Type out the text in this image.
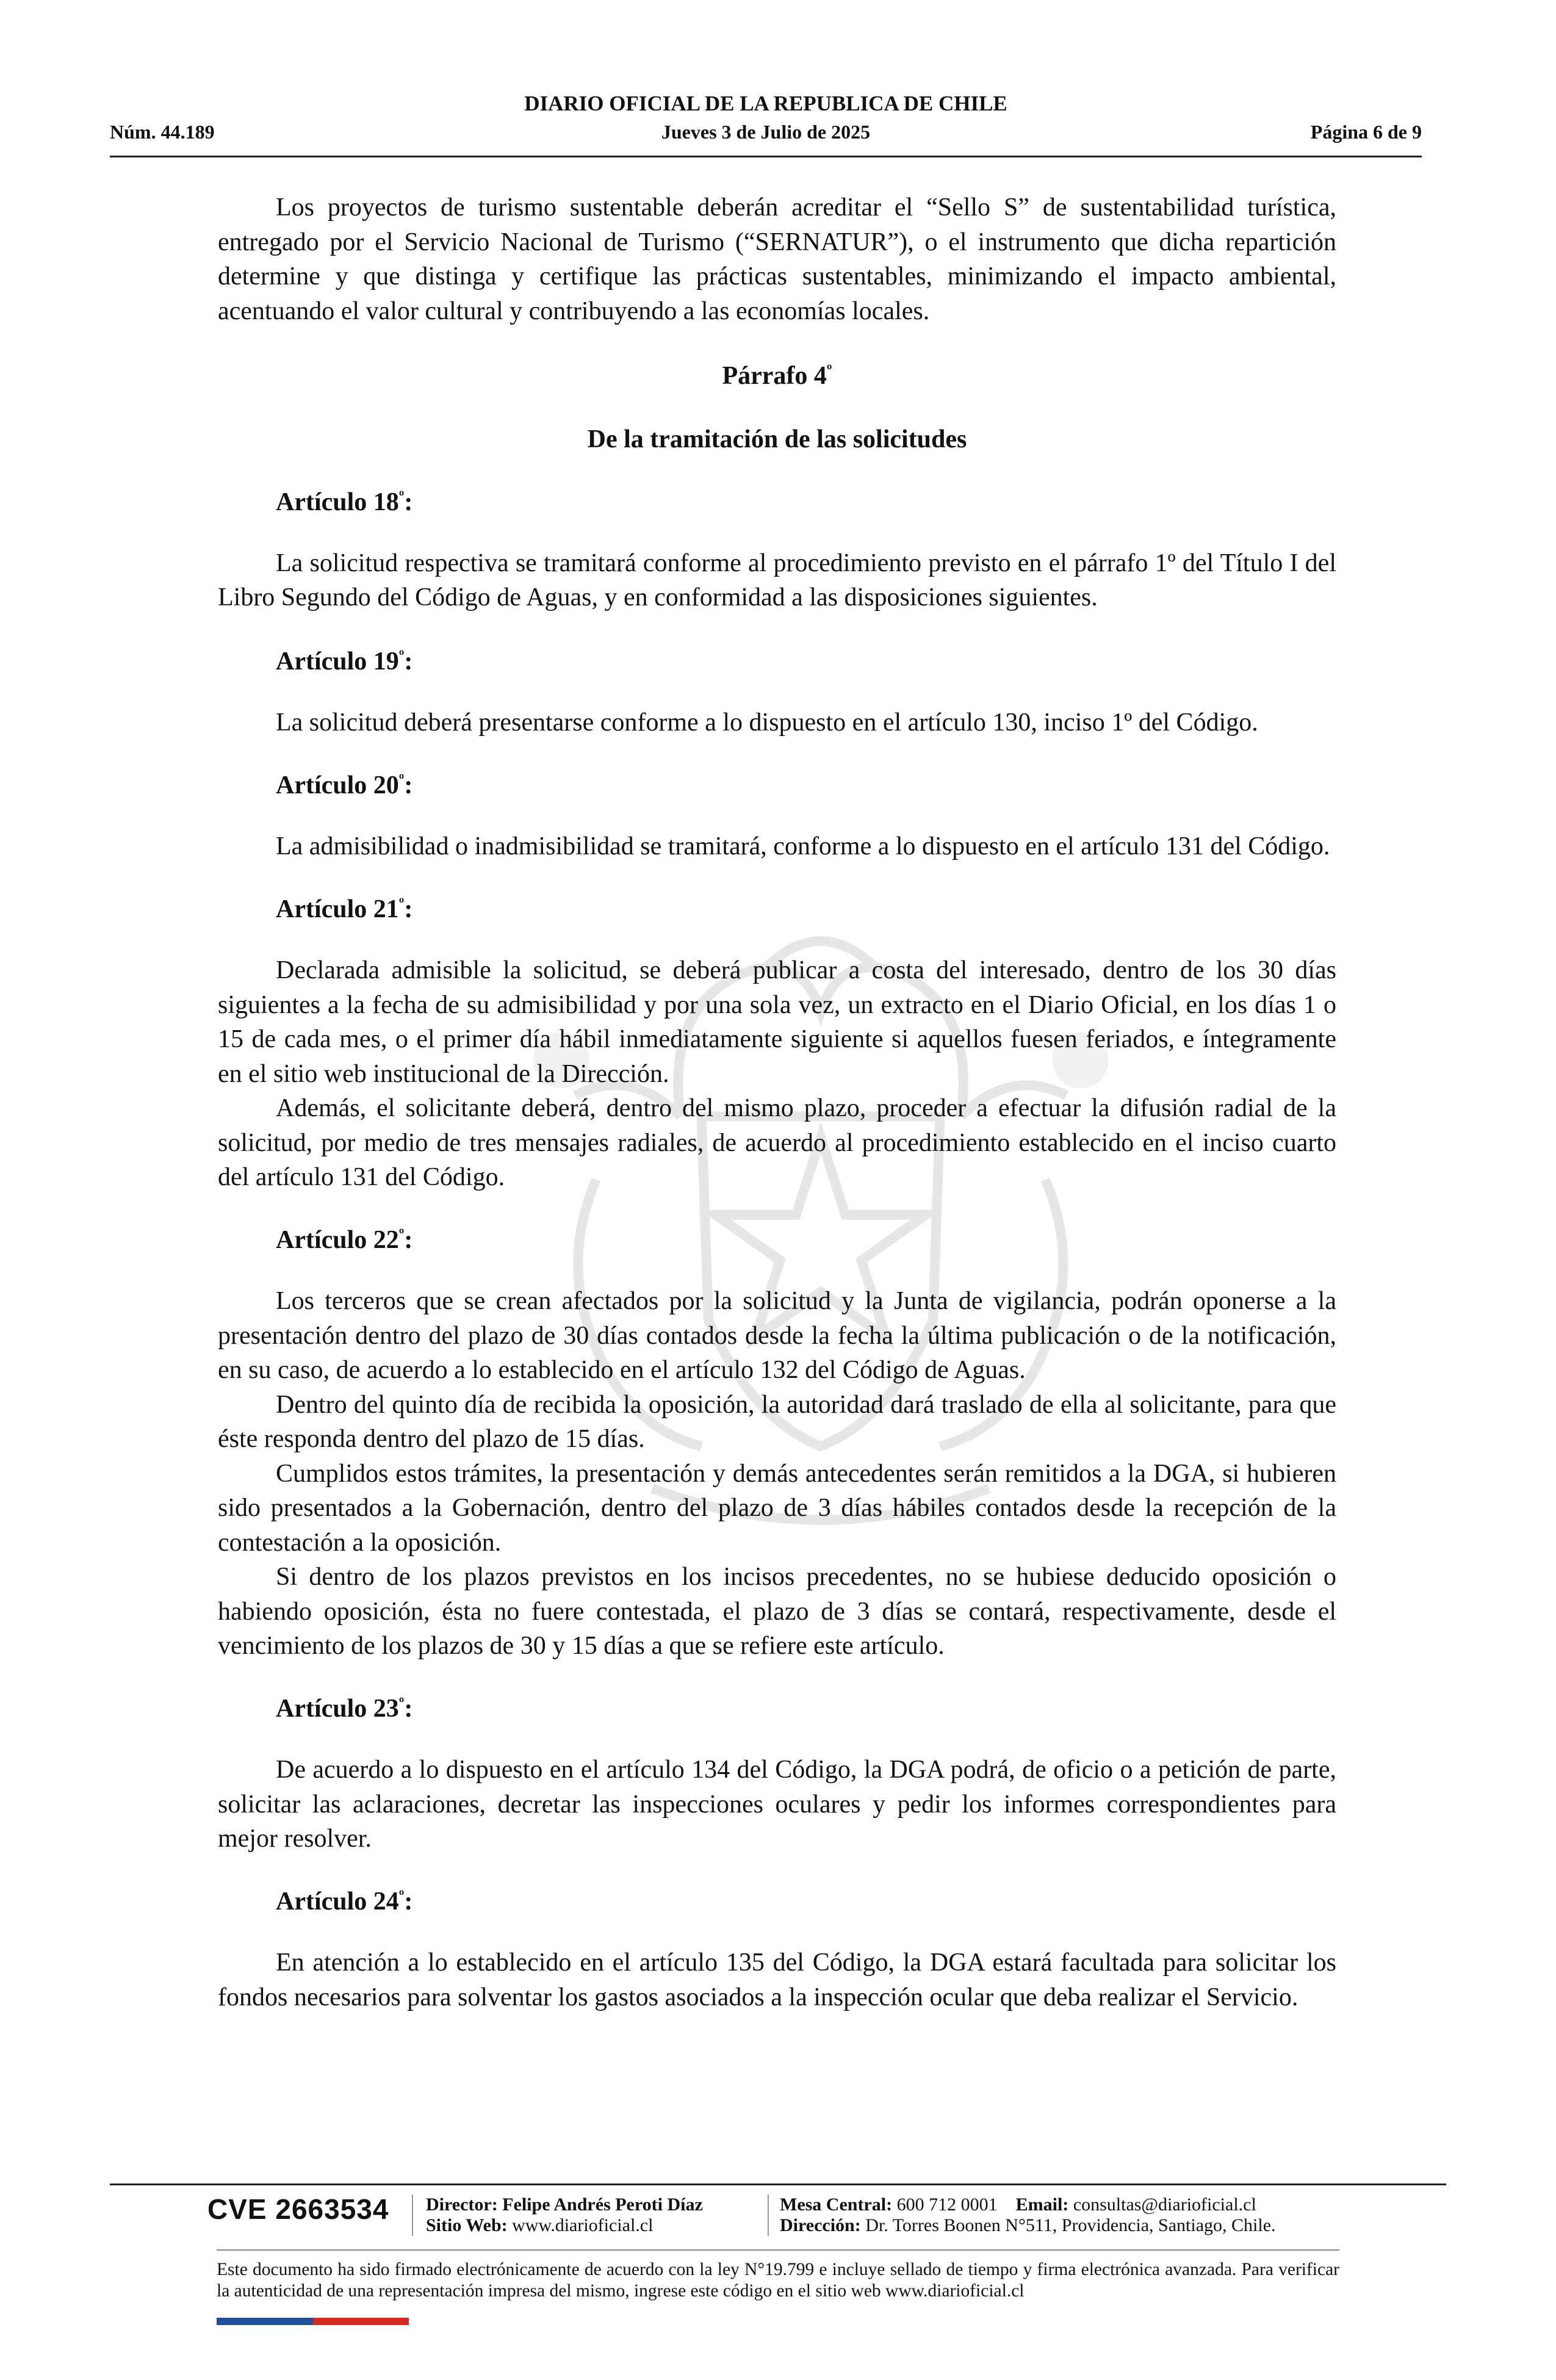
DIARIO OFICIAL DE LA REPUBLICA DE CHILE
Núm. 44.189	Jueves 3 de Julio de 2025	Página 6 de 9

Los proyectos de turismo sustentable deberán acreditar el “Sello S” de sustentabilidad turística, entregado por el Servicio Nacional de Turismo (“SERNATUR”), o el instrumento que dicha repartición determine y que distinga y certifique las prácticas sustentables, minimizando el impacto ambiental, acentuando el valor cultural y contribuyendo a las economías locales.

Párrafo $4^º$

De la tramitación de las solicitudes

Artículo $18^º$:

La solicitud respectiva se tramitará conforme al procedimiento previsto en el párrafo 1º del Título I del Libro Segundo del Código de Aguas, y en conformidad a las disposiciones siguientes.

Artículo $19^º$:

La solicitud deberá presentarse conforme a lo dispuesto en el artículo 130, inciso 1º del Código.

Artículo $20^º$:

La admisibilidad o inadmisibilidad se tramitará, conforme a lo dispuesto en el artículo 131 del Código.

Artículo $21^º$:

Declarada admisible la solicitud, se deberá publicar a costa del interesado, dentro de los 30 días siguientes a la fecha de su admisibilidad y por una sola vez, un extracto en el Diario Oficial, en los días 1 o 15 de cada mes, o el primer día hábil inmediatamente siguiente si aquellos fuesen feriados, e íntegramente en el sitio web institucional de la Dirección.

Además, el solicitante deberá, dentro del mismo plazo, proceder a efectuar la difusión radial de la solicitud, por medio de tres mensajes radiales, de acuerdo al procedimiento establecido en el inciso cuarto del artículo 131 del Código.

Artículo $22^º$:

Los terceros que se crean afectados por la solicitud y la Junta de vigilancia, podrán oponerse a la presentación dentro del plazo de 30 días contados desde la fecha la última publicación o de la notificación, en su caso, de acuerdo a lo establecido en el artículo 132 del Código de Aguas.

Dentro del quinto día de recibida la oposición, la autoridad dará traslado de ella al solicitante, para que éste responda dentro del plazo de 15 días.

Cumplidos estos trámites, la presentación y demás antecedentes serán remitidos a la DGA, si hubieren sido presentados a la Gobernación, dentro del plazo de 3 días hábiles contados desde la recepción de la contestación a la oposición.

Si dentro de los plazos previstos en los incisos precedentes, no se hubiese deducido oposición o habiendo oposición, ésta no fuere contestada, el plazo de 3 días se contará, respectivamente, desde el vencimiento de los plazos de 30 y 15 días a que se refiere este artículo.

Artículo $23^º$:

De acuerdo a lo dispuesto en el artículo 134 del Código, la DGA podrá, de oficio o a petición de parte, solicitar las aclaraciones, decretar las inspecciones oculares y pedir los informes correspondientes para mejor resolver.

Artículo $24^º$:

En atención a lo establecido en el artículo 135 del Código, la DGA estará facultada para solicitar los fondos necesarios para solventar los gastos asociados a la inspección ocular que deba realizar el Servicio.

CVE 2663534 Director: Felipe Andrés Peroti Díaz
Sitio Web: www.diarioficial.cl
Mesa Central: 600 712 0001 Email: consultas@diarioficial.cl
Dirección: Dr. Torres Boonen N°511, Providencia, Santiago, Chile.
Este documento ha sido firmado electrónicamente de acuerdo con la ley N°19.799 e incluye sellado de tiempo y firma electrónica avanzada. Para verificar la autenticidad de una representación impresa del mismo, ingrese este código en el sitio web www.diarioficial.cl
